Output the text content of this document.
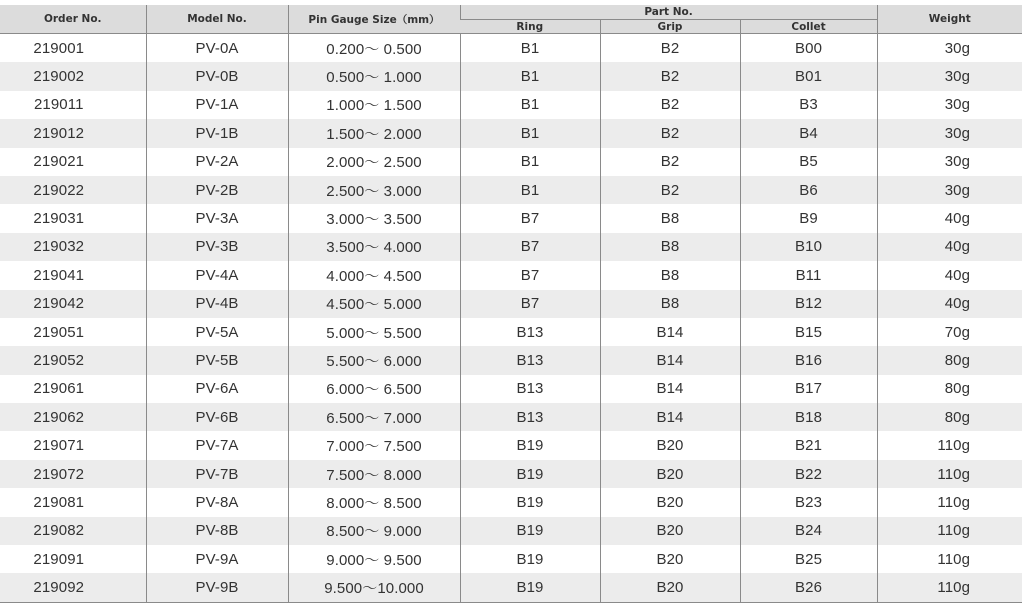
Order No.	Model No.	Pin Gauge Size（mm）	Part No.			Weight
			Ring	Grip	Collet	
219001	PV-0A	0.200～ 0.500	B1	B2	B00	30g
219002	PV-0B	0.500～ 1.000	B1	B2	B01	30g
219011	PV-1A	1.000～ 1.500	B1	B2	B3	30g
219012	PV-1B	1.500～ 2.000	B1	B2	B4	30g
219021	PV-2A	2.000～ 2.500	B1	B2	B5	30g
219022	PV-2B	2.500～ 3.000	B1	B2	B6	30g
219031	PV-3A	3.000～ 3.500	B7	B8	B9	40g
219032	PV-3B	3.500～ 4.000	B7	B8	B10	40g
219041	PV-4A	4.000～ 4.500	B7	B8	B11	40g
219042	PV-4B	4.500～ 5.000	B7	B8	B12	40g
219051	PV-5A	5.000～ 5.500	B13	B14	B15	70g
219052	PV-5B	5.500～ 6.000	B13	B14	B16	80g
219061	PV-6A	6.000～ 6.500	B13	B14	B17	80g
219062	PV-6B	6.500～ 7.000	B13	B14	B18	80g
219071	PV-7A	7.000～ 7.500	B19	B20	B21	110g
219072	PV-7B	7.500～ 8.000	B19	B20	B22	110g
219081	PV-8A	8.000～ 8.500	B19	B20	B23	110g
219082	PV-8B	8.500～ 9.000	B19	B20	B24	110g
219091	PV-9A	9.000～ 9.500	B19	B20	B25	110g
219092	PV-9B	9.500～10.000	B19	B20	B26	110g
